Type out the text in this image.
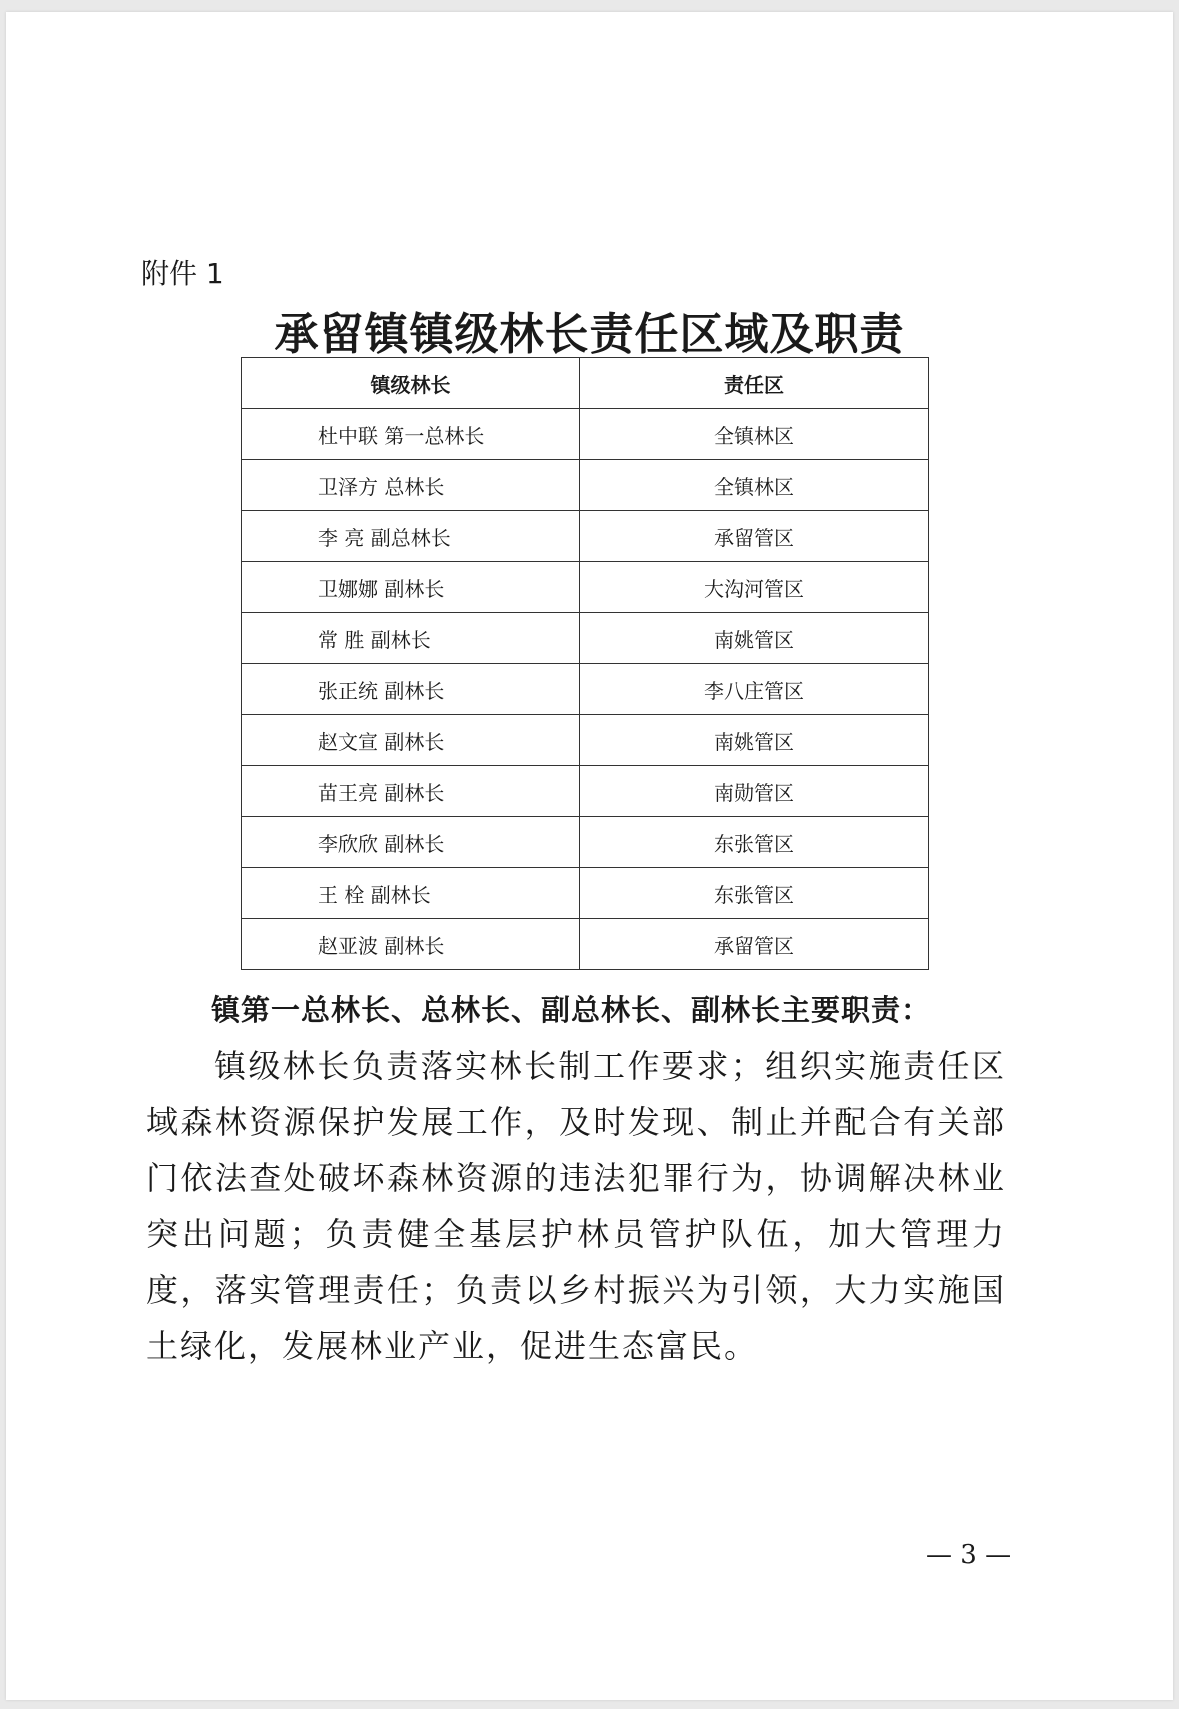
附件 1
承留镇镇级林长责任区域及职责
镇级林长	责任区
杜中联 第一总林长	全镇林区
卫泽方 总林长	全镇林区
李 亮 副总林长	承留管区
卫娜娜 副林长	大沟河管区
常 胜 副林长	南姚管区
张正统 副林长	李八庄管区
赵文宣 副林长	南姚管区
苗王亮 副林长	南勋管区
李欣欣 副林长	东张管区
王 栓 副林长	东张管区
赵亚波 副林长	承留管区
镇第一总林长、总林长、副总林长、副林长主要职责：

镇级林长负责落实林长制工作要求；组织实施责任区域森林资源保护发展工作，及时发现、制止并配合有关部门依法查处破坏森林资源的违法犯罪行为，协调解决林业突出问题；负责健全基层护林员管护队伍，加大管理力度，落实管理责任；负责以乡村振兴为引领，大力实施国土绿化，发展林业产业，促进生态富民。

— 3 —
